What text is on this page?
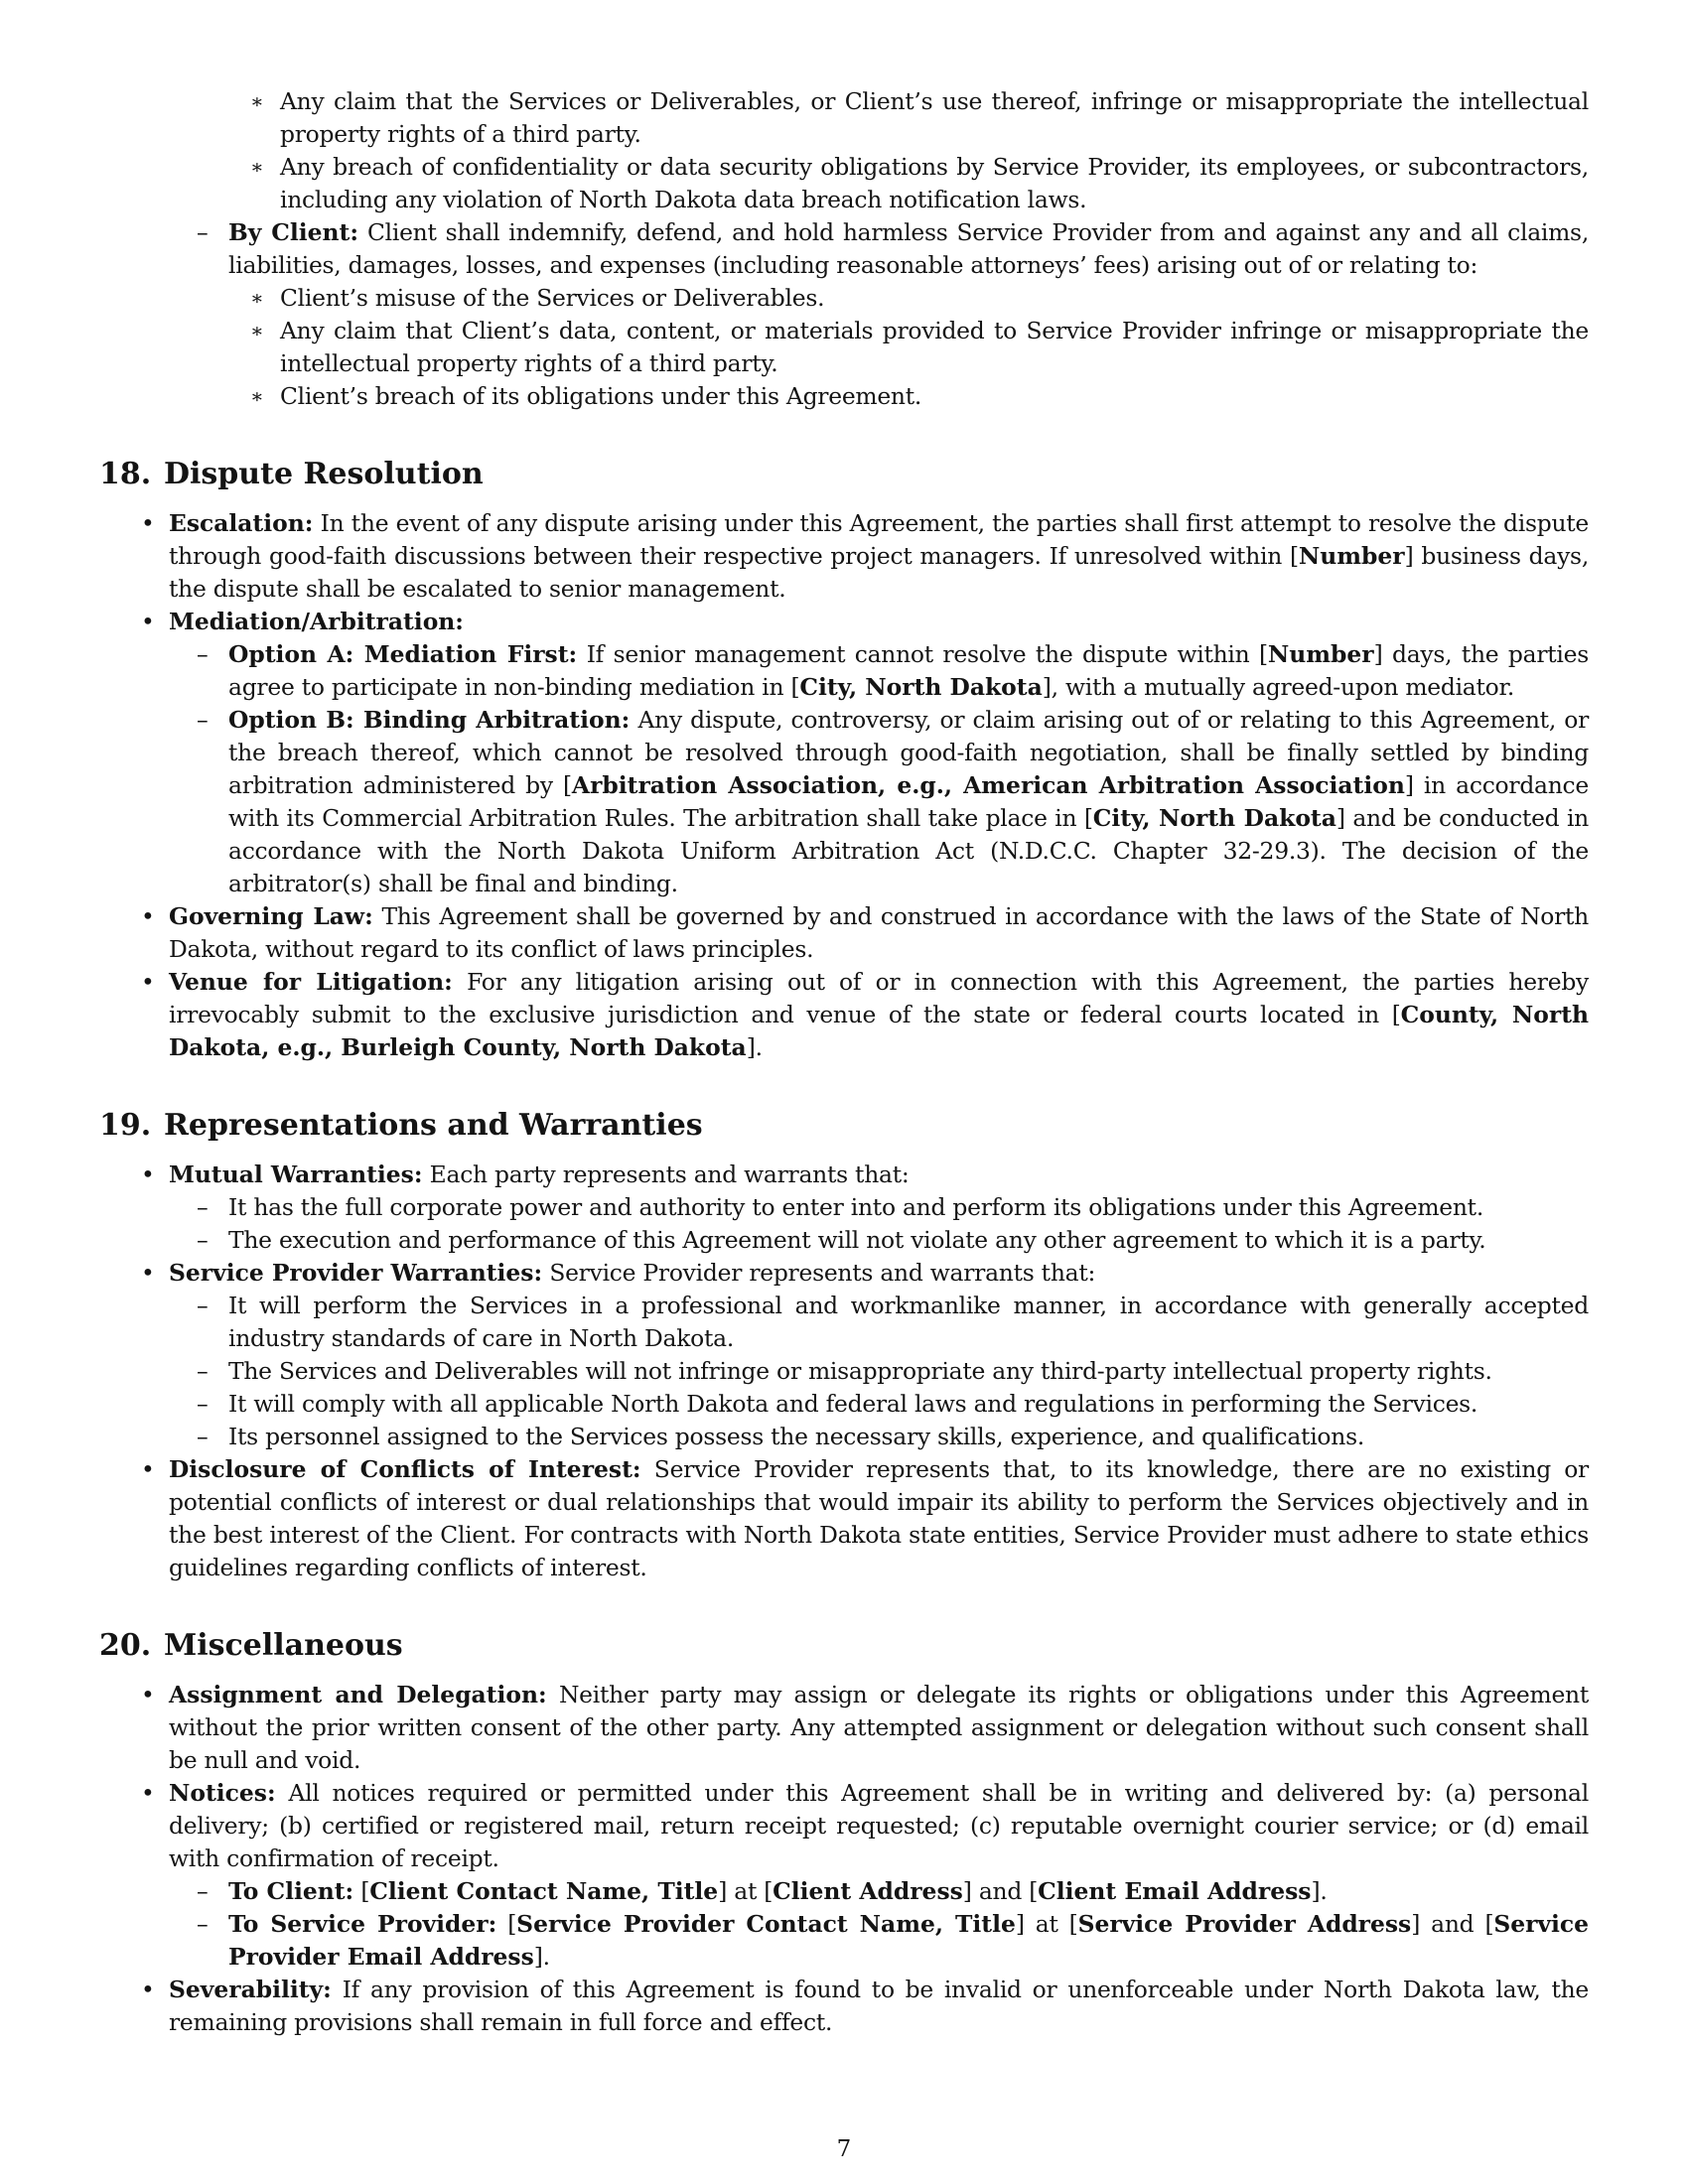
∗ Any claim that the Services or Deliverables, or Client’s use thereof, infringe or misappropriate the intellectual property rights of a third party.
∗ Any breach of confidentiality or data security obligations by Service Provider, its employees, or subcontractors, including any violation of North Dakota data breach notification laws.
– By Client: Client shall indemnify, defend, and hold harmless Service Provider from and against any and all claims, liabilities, damages, losses, and expenses (including reasonable attorneys’ fees) arising out of or relating to:
∗ Client’s misuse of the Services or Deliverables.
∗ Any claim that Client’s data, content, or materials provided to Service Provider infringe or misappropriate the intellectual property rights of a third party.
∗ Client’s breach of its obligations under this Agreement.
18. Dispute Resolution
• Escalation: In the event of any dispute arising under this Agreement, the parties shall first attempt to resolve the dispute through good-faith discussions between their respective project managers. If unresolved within [Number] business days, the dispute shall be escalated to senior management.
• Mediation/Arbitration:
– Option A: Mediation First: If senior management cannot resolve the dispute within [Number] days, the parties agree to participate in non-binding mediation in [City, North Dakota], with a mutually agreed-upon mediator.
– Option B: Binding Arbitration: Any dispute, controversy, or claim arising out of or relating to this Agreement, or the breach thereof, which cannot be resolved through good-faith negotiation, shall be finally settled by binding arbitration administered by [Arbitration Association, e.g., American Arbitration Association] in accordance with its Commercial Arbitration Rules. The arbitration shall take place in [City, North Dakota] and be conducted in accordance with the North Dakota Uniform Arbitration Act (N.D.C.C. Chapter 32-29.3). The decision of the arbitrator(s) shall be final and binding.
• Governing Law: This Agreement shall be governed by and construed in accordance with the laws of the State of North Dakota, without regard to its conflict of laws principles.
• Venue for Litigation: For any litigation arising out of or in connection with this Agreement, the parties hereby irrevocably submit to the exclusive jurisdiction and venue of the state or federal courts located in [County, North Dakota, e.g., Burleigh County, North Dakota].
19. Representations and Warranties
• Mutual Warranties: Each party represents and warrants that:
– It has the full corporate power and authority to enter into and perform its obligations under this Agreement.
– The execution and performance of this Agreement will not violate any other agreement to which it is a party.
• Service Provider Warranties: Service Provider represents and warrants that:
– It will perform the Services in a professional and workmanlike manner, in accordance with generally accepted industry standards of care in North Dakota.
– The Services and Deliverables will not infringe or misappropriate any third-party intellectual property rights.
– It will comply with all applicable North Dakota and federal laws and regulations in performing the Services.
– Its personnel assigned to the Services possess the necessary skills, experience, and qualifications.
• Disclosure of Conflicts of Interest: Service Provider represents that, to its knowledge, there are no existing or potential conflicts of interest or dual relationships that would impair its ability to perform the Services objectively and in the best interest of the Client. For contracts with North Dakota state entities, Service Provider must adhere to state ethics guidelines regarding conflicts of interest.
20. Miscellaneous
• Assignment and Delegation: Neither party may assign or delegate its rights or obligations under this Agreement without the prior written consent of the other party. Any attempted assignment or delegation without such consent shall be null and void.
• Notices: All notices required or permitted under this Agreement shall be in writing and delivered by: (a) personal delivery; (b) certified or registered mail, return receipt requested; (c) reputable overnight courier service; or (d) email with confirmation of receipt.
– To Client: [Client Contact Name, Title] at [Client Address] and [Client Email Address].
– To Service Provider: [Service Provider Contact Name, Title] at [Service Provider Address] and [Service Provider Email Address].
• Severability: If any provision of this Agreement is found to be invalid or unenforceable under North Dakota law, the remaining provisions shall remain in full force and effect.
7
